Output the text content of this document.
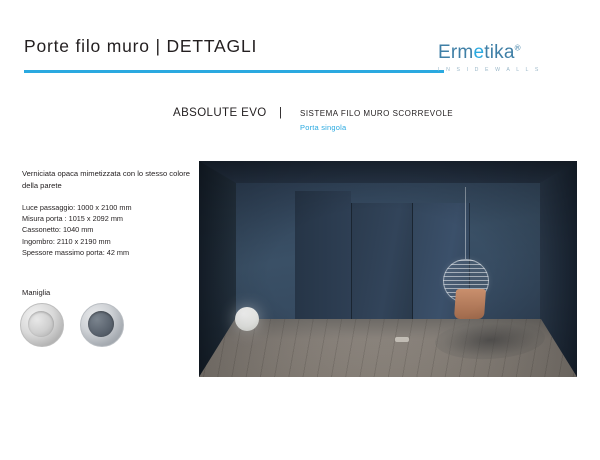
Porte filo muro | DETTAGLI	Ermetika®
I N S I D E W A L L S
ABSOLUTE EVO | SISTEMA FILO MURO SCORREVOLE
Porta singola
Verniciata opaca mimetizzata con lo stesso colore della parete
Luce passaggio: 1000 x 2100 mm
Misura porta : 1015 x 2092 mm
Cassonetto: 1040 mm
Ingombro: 2110 x 2190 mm
Spessore massimo porta: 42 mm
Maniglia
